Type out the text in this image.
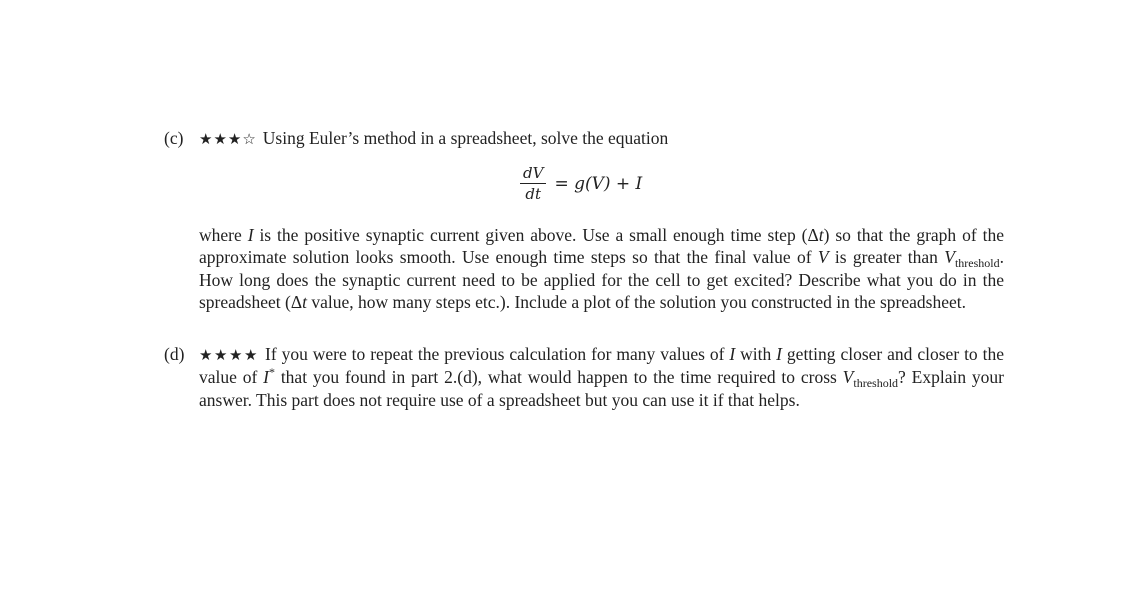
(c)	★★★☆ Using Euler’s method in a spreadsheet, solve the equation
$\frac{dV}{dt} = g(V) + I$
where I is the positive synaptic current given above. Use a small enough time step (Δt) so that the graph of the approximate solution looks smooth. Use enough time steps so that the final value of V is greater than $V_{threshold}$. How long does the synaptic current need to be applied for the cell to get excited? Describe what you do in the spreadsheet (Δt value, how many steps etc.). Include a plot of the solution you constructed in the spreadsheet.
(d) ★★★★ If you were to repeat the previous calculation for many values of I with I getting closer and closer to the value of I* that you found in part 2.(d), what would happen to the time required to cross $V_{threshold}$? Explain your answer. This part does not require use of a spreadsheet but you can use it if that helps.
